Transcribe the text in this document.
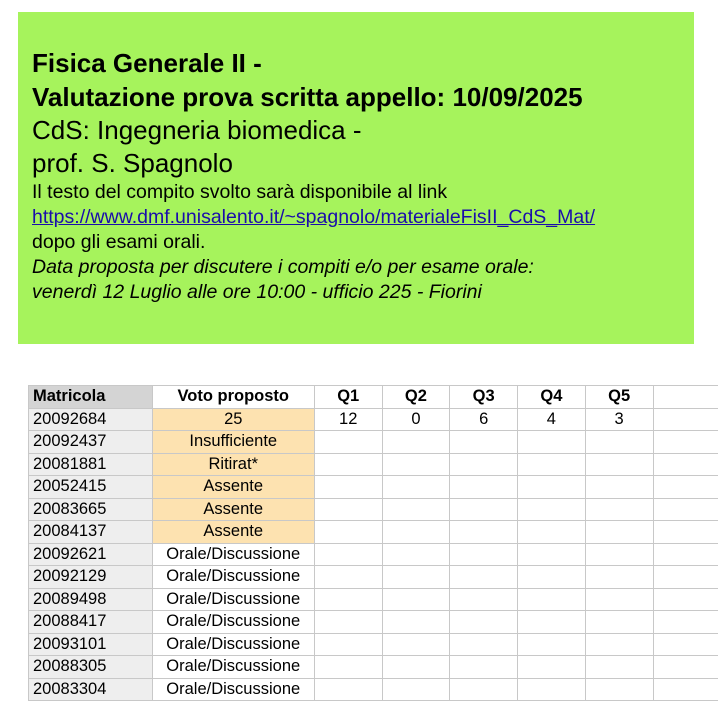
Fisica Generale II -
Valutazione prova scritta appello: 10/09/2025
CdS: Ingegneria biomedica -
prof. S. Spagnolo
Il testo del compito svolto sarà disponibile al link
https://www.dmf.unisalento.it/~spagnolo/materialeFisII_CdS_Mat/
dopo gli esami orali.
Data proposta per discutere i compiti e/o per esame orale:
venerdì 12 Luglio alle ore 10:00 - ufficio 225 - Fiorini
Matricola	Voto proposto	Q1	Q2	Q3	Q4	Q5	
20092684	25	12	0	6	4	3	
20092437	Insufficiente						
20081881	Ritirat*						
20052415	Assente						
20083665	Assente						
20084137	Assente						
20092621	Orale/Discussione						
20092129	Orale/Discussione						
20089498	Orale/Discussione						
20088417	Orale/Discussione						
20093101	Orale/Discussione						
20088305	Orale/Discussione						
20083304	Orale/Discussione						
